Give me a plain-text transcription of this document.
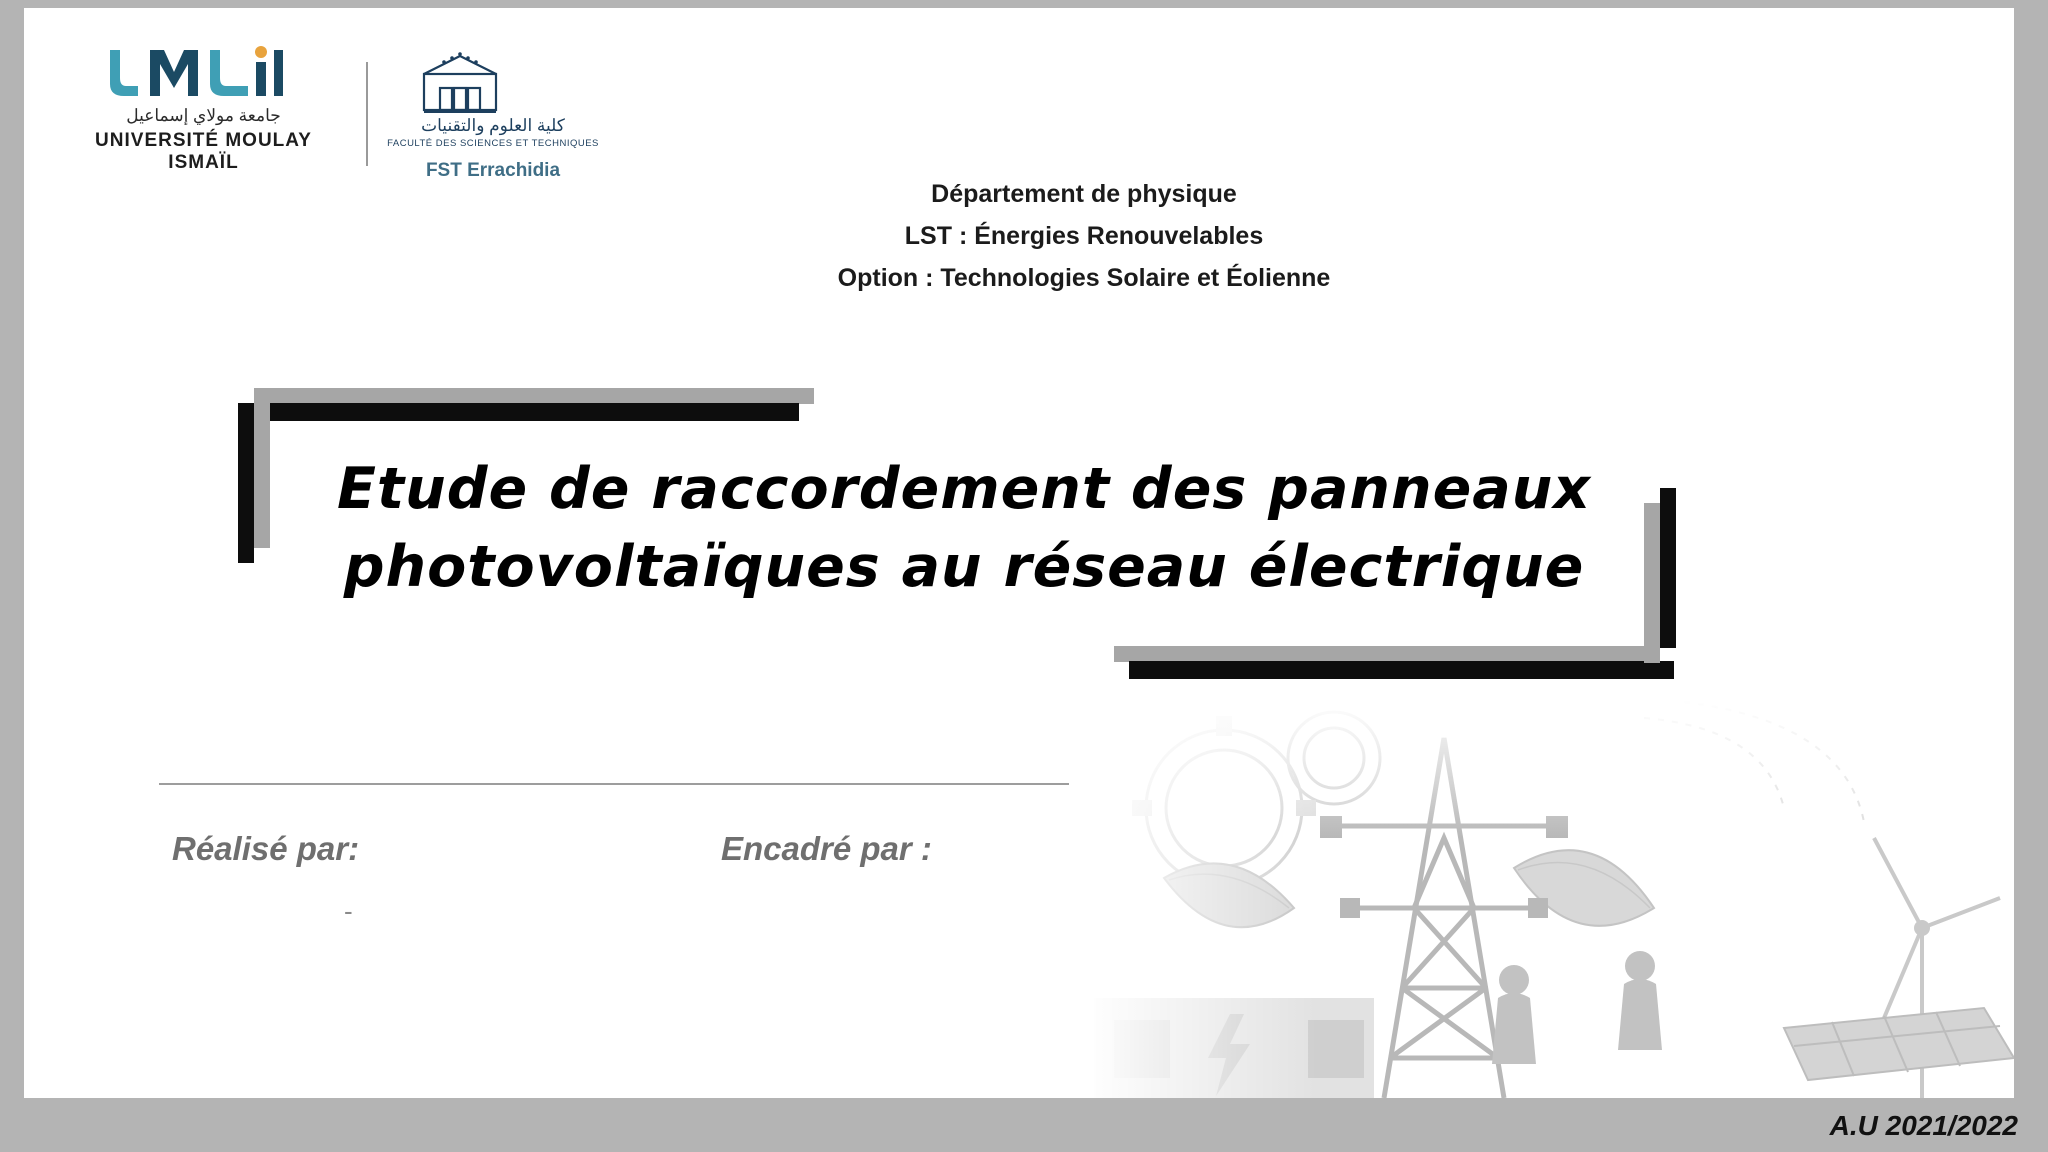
جامعة مولاي إسماعيل
UNIVERSITÉ MOULAY ISMAÏL
كلية العلوم والتقنيات
FACULTÉ DES SCIENCES ET TECHNIQUES
FST Errachidia
Département de physique
LST : Énergies Renouvelables
Option : Technologies Solaire et Éolienne
Etude de raccordement des panneaux photovoltaïques au réseau électrique
Réalisé par:	Encadré par :
-
A.U 2021/2022
